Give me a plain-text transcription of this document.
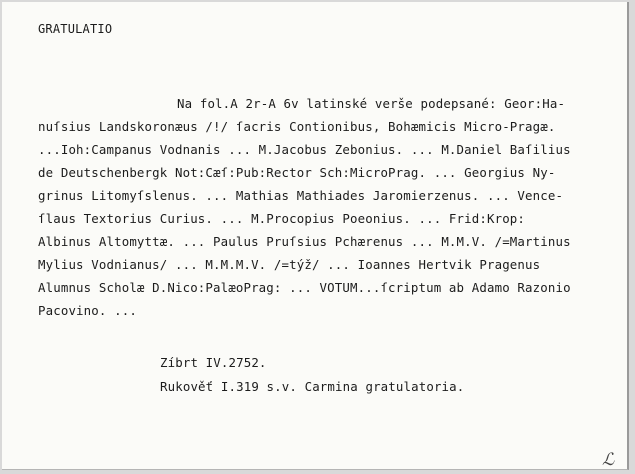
GRATULATIO
Na fol.A 2r-A 6v latinské verše podepsané: Geor:Ha-
nuſsius Landskoronæus /!/ ſacris Contionibus, Bohæmicis Micro-Pragæ.
...Ioh:Campanus Vodnanis ... M.Jacobus Zebonius. ... M.Daniel Baſilius
de Deutschenbergk Not:Cæſ:Pub:Rector Sch:MicroPrag. ... Georgius Ny-
grinus Litomyſslenus. ... Mathias Mathiades Jaromierzenus. ... Vence-
ſlaus Textorius Curius. ... M.Procopius Poeonius. ... Frid:Krop:
Albinus Altomyttæ. ... Paulus Pruſsius Pchærenus ... M.M.V. /=Martinus
Mylius Vodnianus/ ... M.M.M.V. /=týž/ ... Ioannes Hertvik Pragenus
Alumnus Scholæ D.Nico:PalæoPrag: ... VOTUM...ſcriptum ab Adamo Razonio
Pacovino. ...
Zíbrt IV.2752.
Rukověť I.319 s.v. Carmina gratulatoria.
ℒ
